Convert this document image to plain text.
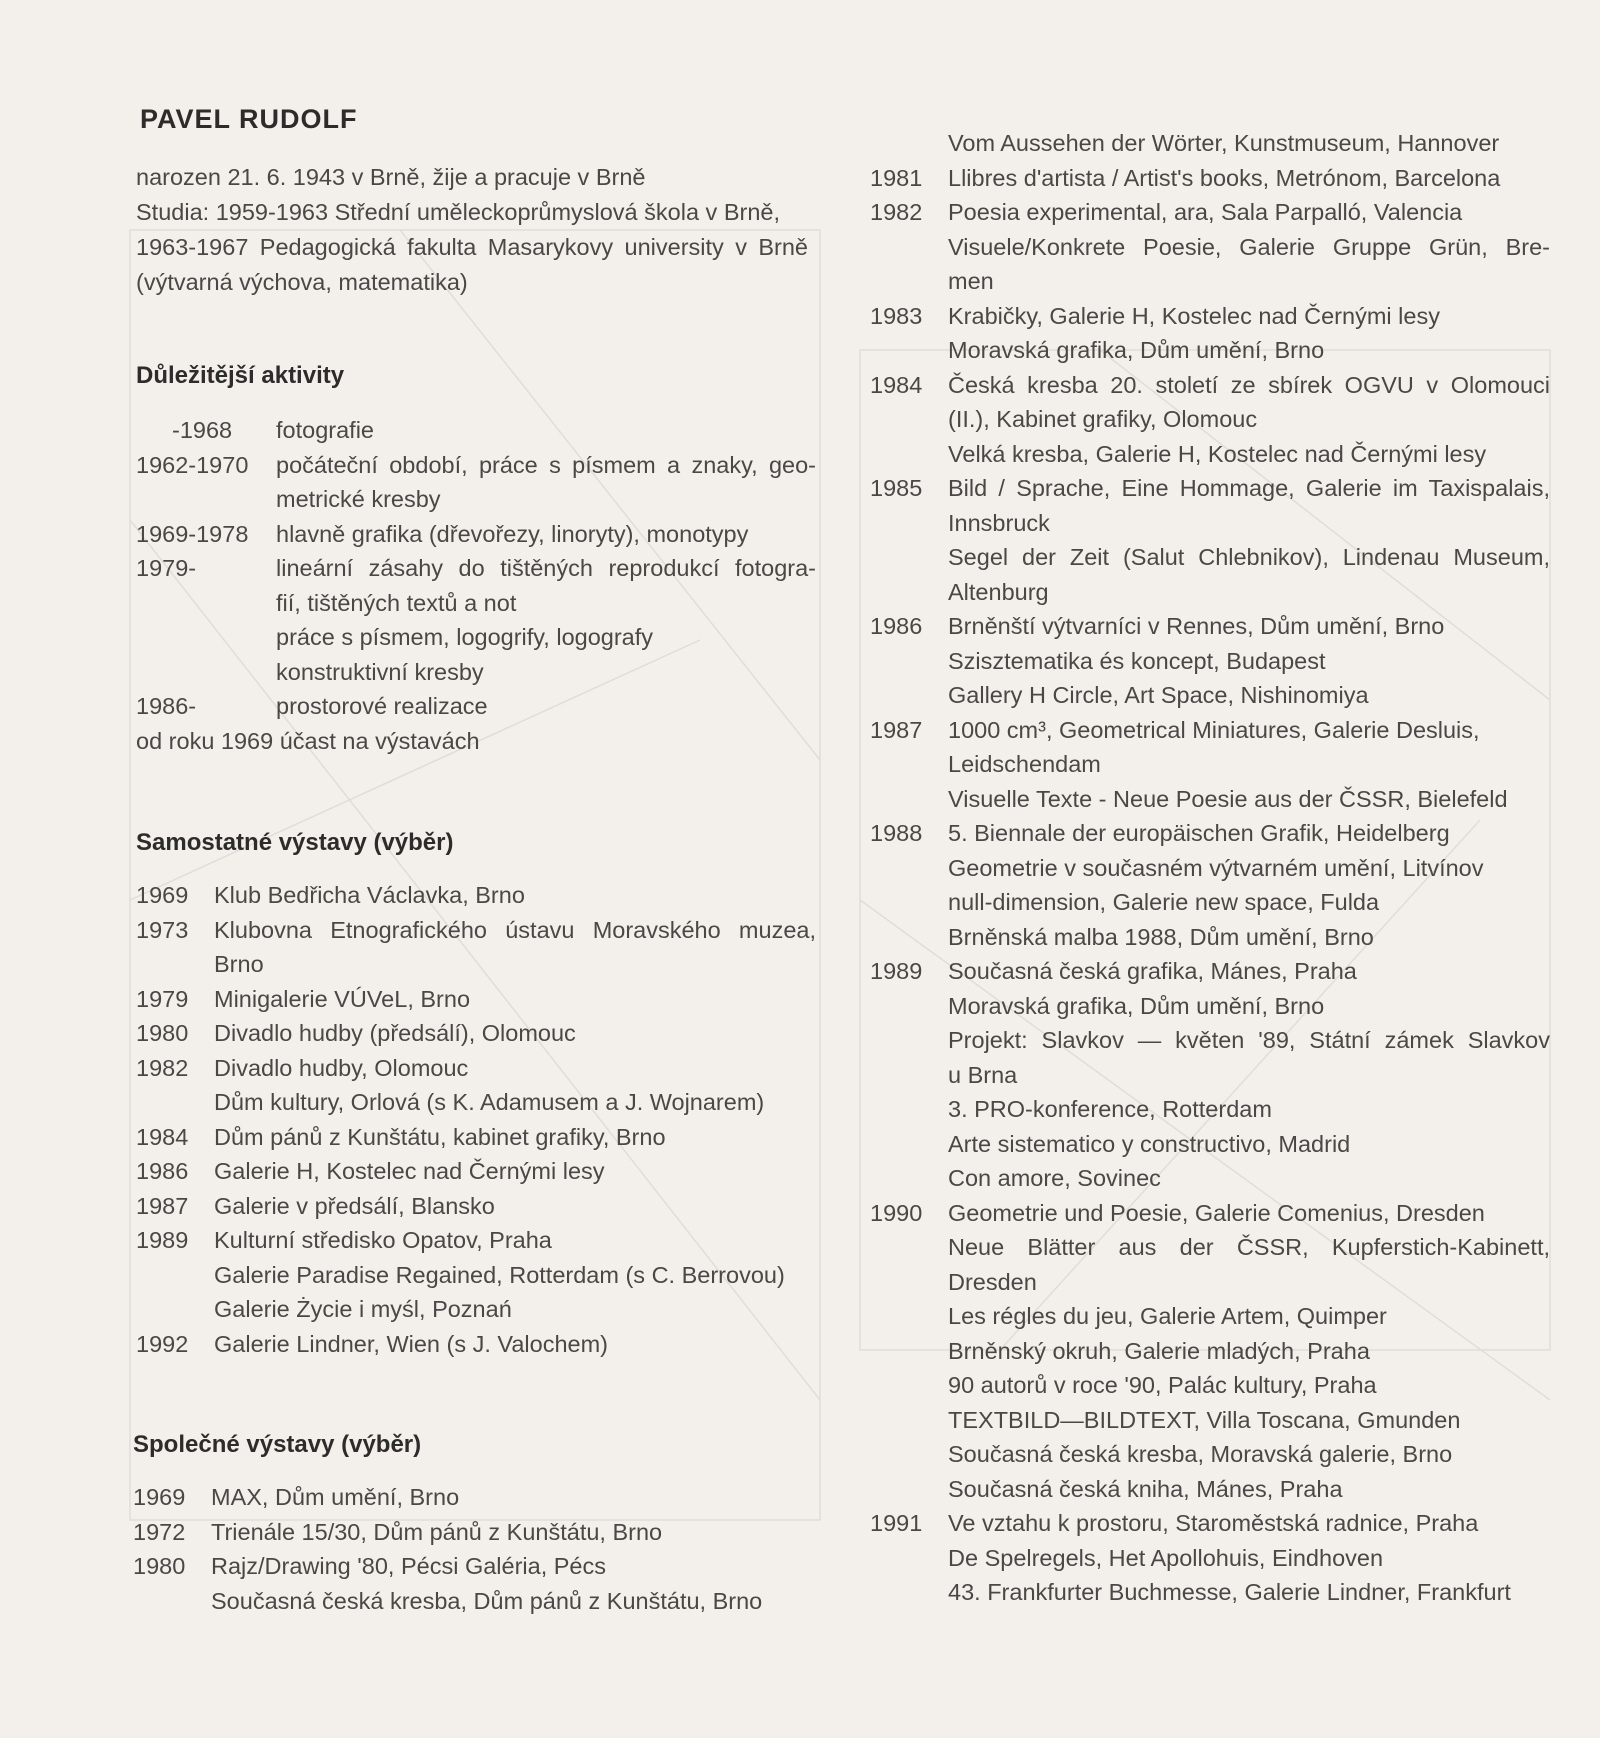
PAVEL RUDOLF
narozen 21. 6. 1943 v Brně, žije a pracuje v Brně
Studia: 1959-1963 Střední uměleckoprůmyslová škola v Brně,
1963-1967 Pedagogická fakulta Masarykovy university v Brně
(výtvarná výchova, matematika)
Důležitější aktivity
-1968	fotografie
1962-1970	počáteční období, práce s písmem a znaky, geo-
metrické kresby
1969-1978	hlavně grafika (dřevořezy, linoryty), monotypy
1979-	lineární zásahy do tištěných reprodukcí fotogra-
fií, tištěných textů a not
práce s písmem, logogrify, logografy
konstruktivní kresby
1986-	prostorové realizace
od roku 1969 účast na výstavách
Samostatné výstavy (výběr)
1969	Klub Bedřicha Václavka, Brno
1973	Klubovna Etnografického ústavu Moravského muzea,
Brno
1979	Minigalerie VÚVeL, Brno
1980	Divadlo hudby (předsálí), Olomouc
1982	Divadlo hudby, Olomouc
Dům kultury, Orlová (s K. Adamusem a J. Wojnarem)
1984	Dům pánů z Kunštátu, kabinet grafiky, Brno
1986	Galerie H, Kostelec nad Černými lesy
1987	Galerie v předsálí, Blansko
1989	Kulturní středisko Opatov, Praha
Galerie Paradise Regained, Rotterdam (s C. Berrovou)
Galerie Życie i myśl, Poznań
1992	Galerie Lindner, Wien (s J. Valochem)
Společné výstavy (výběr)
1969	MAX, Dům umění, Brno
1972	Trienále 15/30, Dům pánů z Kunštátu, Brno
1980	Rajz/Drawing '80, Pécsi Galéria, Pécs
Současná česká kresba, Dům pánů z Kunštátu, Brno
Vom Aussehen der Wörter, Kunstmuseum, Hannover
1981	Llibres d'artista / Artist's books, Metrónom, Barcelona
1982	Poesia experimental, ara, Sala Parpalló, Valencia
Visuele/Konkrete Poesie, Galerie Gruppe Grün, Bre-
men
1983	Krabičky, Galerie H, Kostelec nad Černými lesy
Moravská grafika, Dům umění, Brno
1984	Česká kresba 20. století ze sbírek OGVU v Olomouci
(II.), Kabinet grafiky, Olomouc
Velká kresba, Galerie H, Kostelec nad Černými lesy
1985	Bild / Sprache, Eine Hommage, Galerie im Taxispalais,
Innsbruck
Segel der Zeit (Salut Chlebnikov), Lindenau Museum,
Altenburg
1986	Brněnští výtvarníci v Rennes, Dům umění, Brno
Szisztematika és koncept, Budapest
Gallery H Circle, Art Space, Nishinomiya
1987	1000 cm³, Geometrical Miniatures, Galerie Desluis,
Leidschendam
Visuelle Texte - Neue Poesie aus der ČSSR, Bielefeld
1988	5. Biennale der europäischen Grafik, Heidelberg
Geometrie v současném výtvarném umění, Litvínov
null-dimension, Galerie new space, Fulda
Brněnská malba 1988, Dům umění, Brno
1989	Současná česká grafika, Mánes, Praha
Moravská grafika, Dům umění, Brno
Projekt: Slavkov — květen '89, Státní zámek Slavkov
u Brna
3. PRO-konference, Rotterdam
Arte sistematico y constructivo, Madrid
Con amore, Sovinec
1990	Geometrie und Poesie, Galerie Comenius, Dresden
Neue Blätter aus der ČSSR, Kupferstich-Kabinett,
Dresden
Les régles du jeu, Galerie Artem, Quimper
Brněnský okruh, Galerie mladých, Praha
90 autorů v roce '90, Palác kultury, Praha
TEXTBILD—BILDTEXT, Villa Toscana, Gmunden
Současná česká kresba, Moravská galerie, Brno
Současná česká kniha, Mánes, Praha
1991	Ve vztahu k prostoru, Staroměstská radnice, Praha
De Spelregels, Het Apollohuis, Eindhoven
43. Frankfurter Buchmesse, Galerie Lindner, Frankfurt
